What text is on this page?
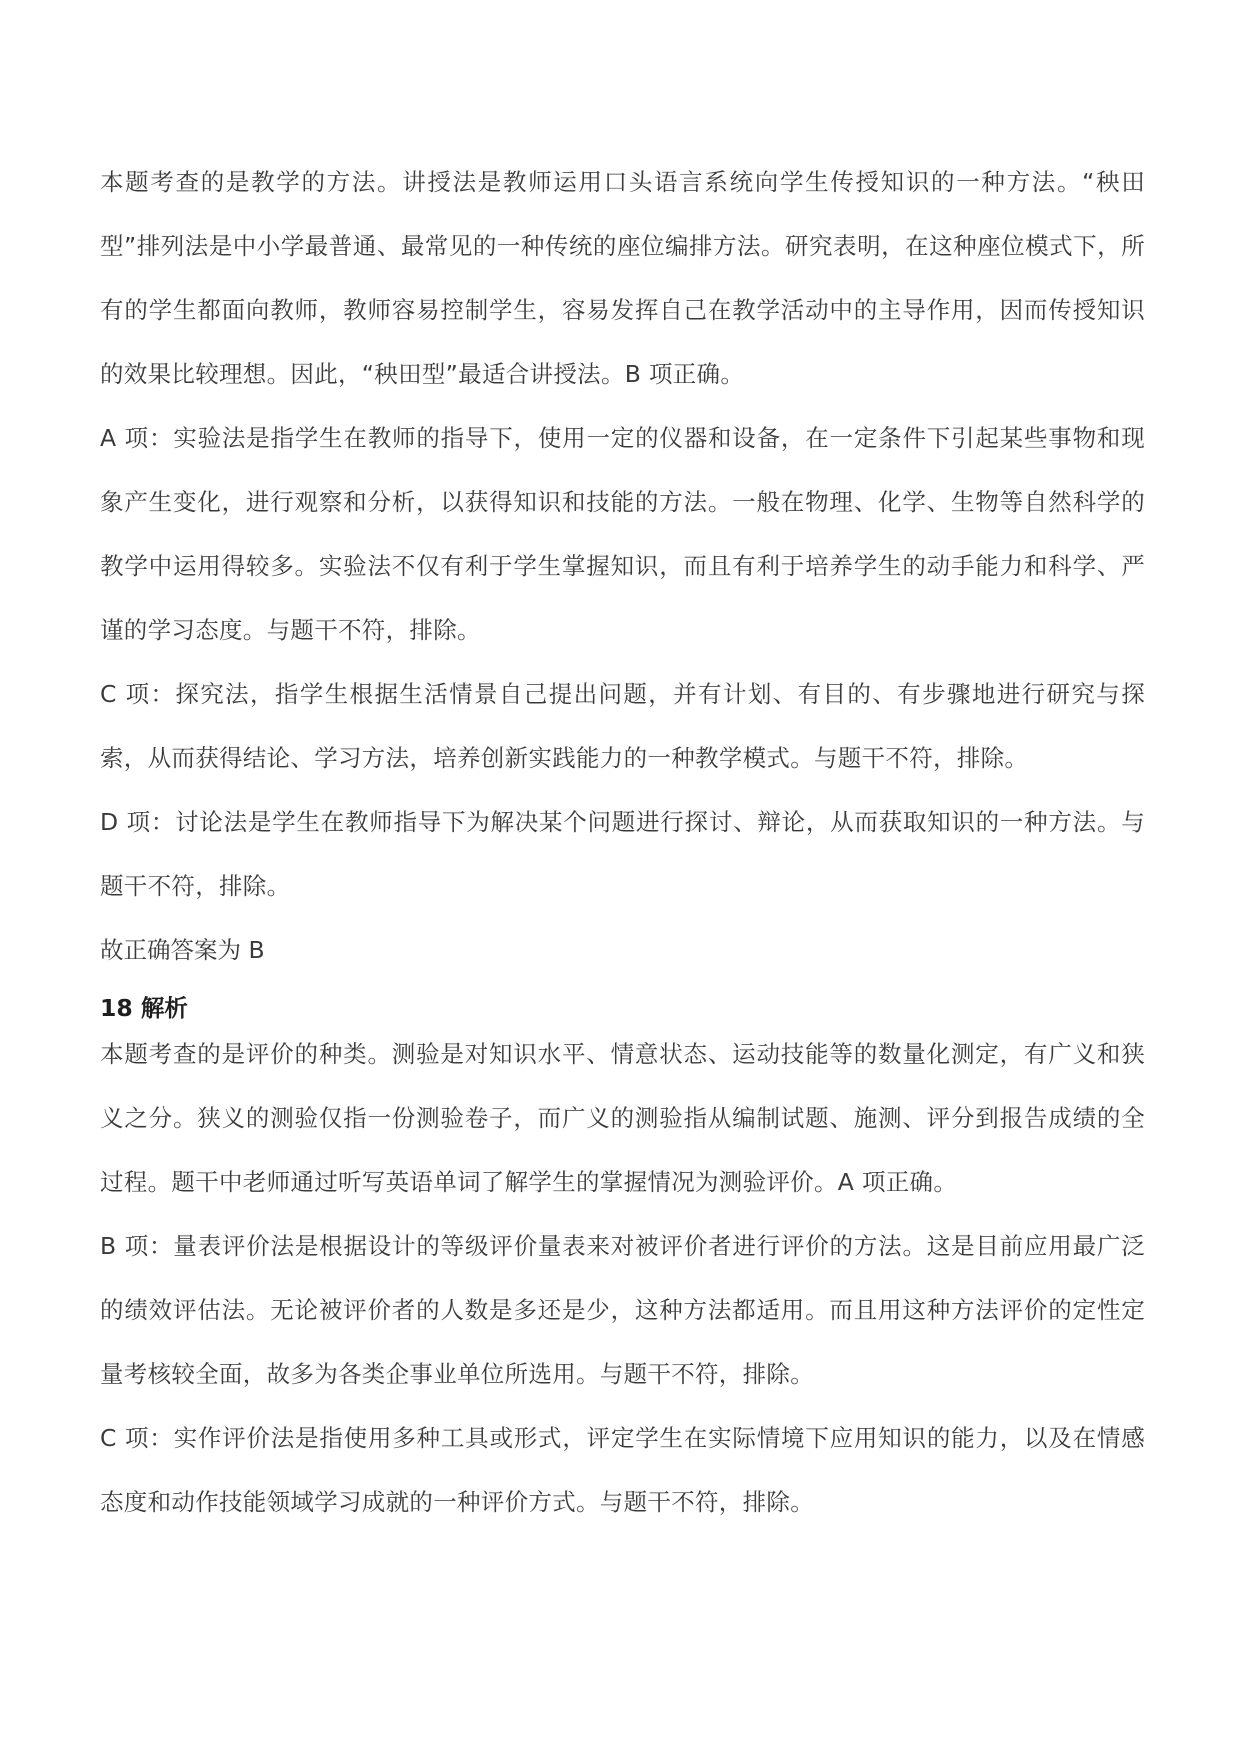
本题考查的是教学的方法。讲授法是教师运用口头语言系统向学生传授知识的一种方法。“秧田型”排列法是中小学最普通、最常见的一种传统的座位编排方法。研究表明，在这种座位模式下，所有的学生都面向教师，教师容易控制学生，容易发挥自己在教学活动中的主导作用，因而传授知识的效果比较理想。因此，“秧田型”最适合讲授法。B 项正确。

A 项：实验法是指学生在教师的指导下，使用一定的仪器和设备，在一定条件下引起某些事物和现象产生变化，进行观察和分析，以获得知识和技能的方法。一般在物理、化学、生物等自然科学的教学中运用得较多。实验法不仅有利于学生掌握知识，而且有利于培养学生的动手能力和科学、严谨的学习态度。与题干不符，排除。

C 项：探究法，指学生根据生活情景自己提出问题，并有计划、有目的、有步骤地进行研究与探索，从而获得结论、学习方法，培养创新实践能力的一种教学模式。与题干不符，排除。

D 项：讨论法是学生在教师指导下为解决某个问题进行探讨、辩论，从而获取知识的一种方法。与题干不符，排除。

故正确答案为 B

18 解析

本题考查的是评价的种类。测验是对知识水平、情意状态、运动技能等的数量化测定，有广义和狭义之分。狭义的测验仅指一份测验卷子，而广义的测验指从编制试题、施测、评分到报告成绩的全过程。题干中老师通过听写英语单词了解学生的掌握情况为测验评价。A 项正确。

B 项：量表评价法是根据设计的等级评价量表来对被评价者进行评价的方法。这是目前应用最广泛的绩效评估法。无论被评价者的人数是多还是少，这种方法都适用。而且用这种方法评价的定性定量考核较全面，故多为各类企事业单位所选用。与题干不符，排除。

C 项：实作评价法是指使用多种工具或形式，评定学生在实际情境下应用知识的能力，以及在情感态度和动作技能领域学习成就的一种评价方式。与题干不符，排除。
